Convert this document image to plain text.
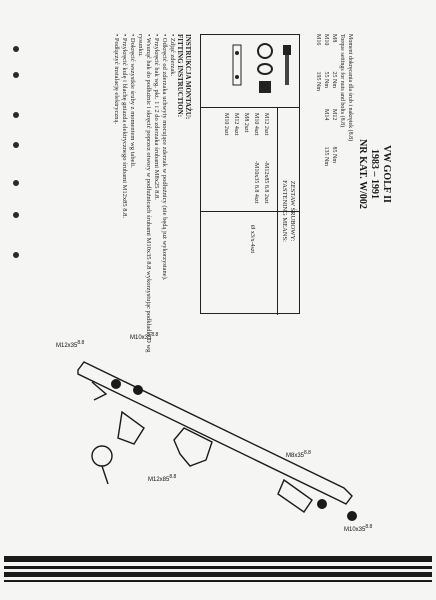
VW GOLF II
1983 – 1991
NR KAT. W/002
Moment dokręcania dla śrub i nakrętek (8.8)
Torque settings for nuts and bolts (8.8)
M8
25 Nm
M12
85 Nm
M10
55 Nm
M14
135 Nm
M16
195 Nm
ZESTAW ŚRUBOWY:
FASTENING MEANS:
M12 2szt
M10 4szt
M8 2szt
M12 4szt
M10 2szt
-M12x85 8.8 2szt
-M10x35 8.8 4szt
Ø x3/x-4szt
INSTRUKCJA MONTAŻU:
FITTING INSTRUCTION:
• Zdjąć zderzak.
• Odkręcić od zderzaka uchwyty mocujące zderzak w podłużnicy (nie będą już wykorzystane).
• Przykręcić hak wg. pkt. 1 i 2 do zderzaka śrubami M8x25 8.8.
• Wsunąć hak do podłużnic i skręcić poprzez otwory w podłużnicach śrubami M10x35 8.8 wykorzystując podkładki D wg rysunku.
• Dokręcić wszystkie śruby z momentem wg tabeli.
• Przykręcić kulę i blachę gniazda elektrycznego śrubami M12x85 8.8.
• Podłączyć instalację elektryczną.
$M12x35^{8.8}$
$M10x35^{8.8}$
$M8x35^{8.8}$
$M12x85^{8.8}$
$M10x35^{8.8}$
